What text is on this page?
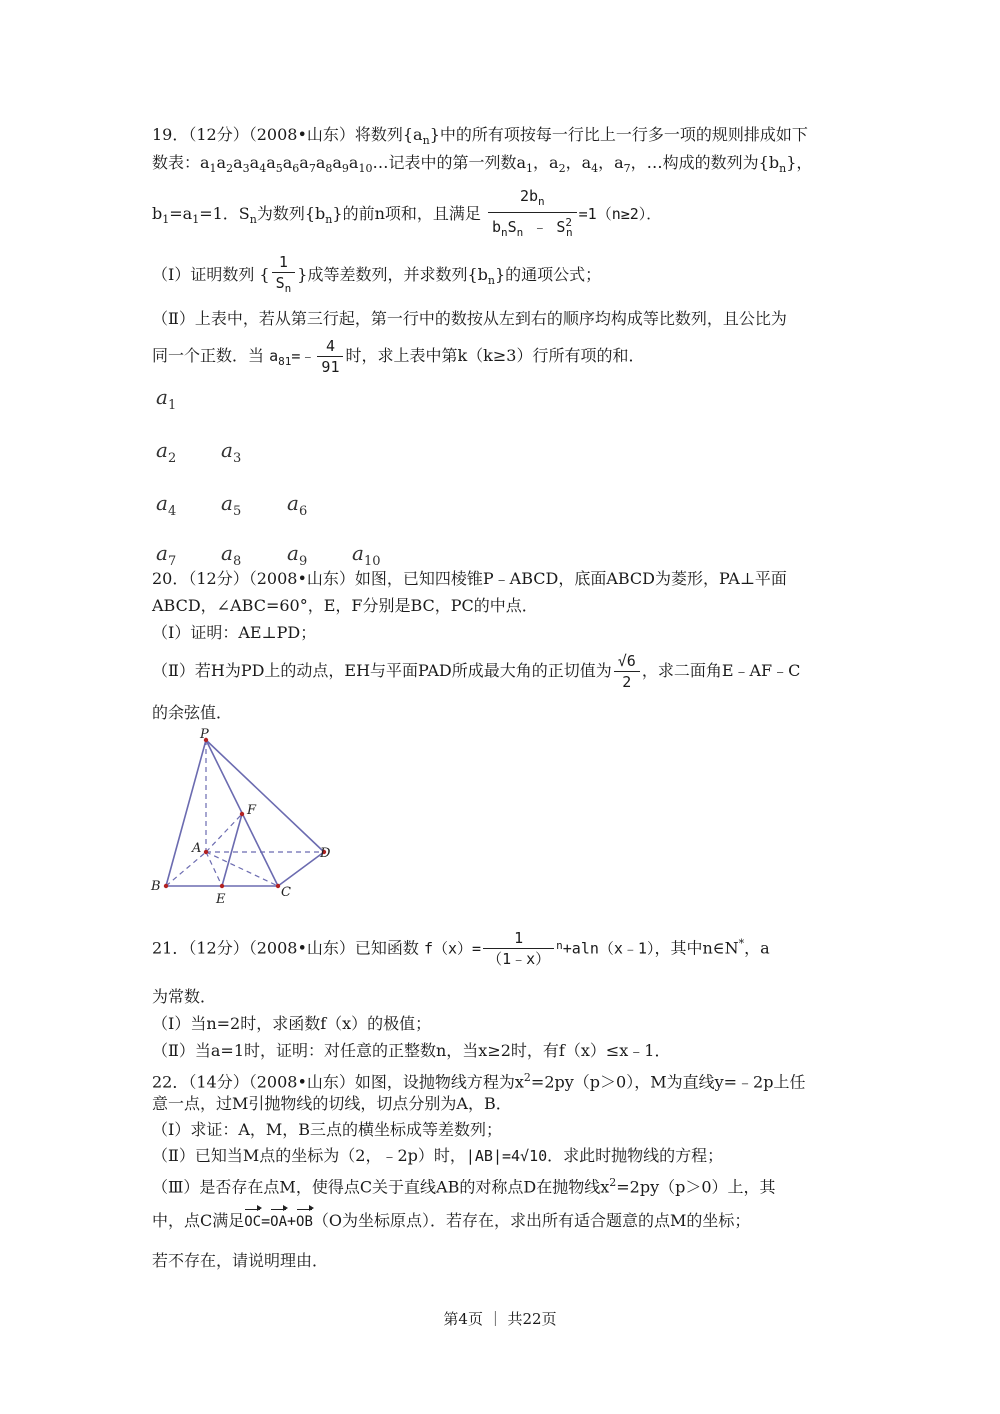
19．（12分）（2008•山东）将数列$\{a_n\}$中的所有项按每一行比上一行多一项的规则排成如下
数表：$a_1a_2a_3a_4a_5a_6a_7a_8a_9a_{10}\dots$记表中的第一列数$a_1$，$a_2$，$a_4$，$a_7$，…构成的数列为$\{b_n\}$，
$b_1=a_1=1$．$S_n$为数列$\{b_n\}$的前n项和，且满足 $\frac{2b_n}{b_nS_n ﹣ S^2_n} =1(n\ge 2)$．
（Ⅰ）证明数列 { $\frac{1}{S_n}$ }成等差数列，并求数列$\{b_n\}$的通项公式；
（Ⅱ）上表中，若从第三行起，第一行中的数按从左到右的顺序均构成等比数列，且公比为
同一个正数．当 $a_{81}=﹣ \frac{4}{91}$ 时，求上表中第k（k≥3）行所有项的和．
$a_1$
$a_2$ $a_3$
$a_4$ $a_5$ $a_6$
$a_7$ $a_8$ $a_9$ $a_{10}$
20．（12分）（2008•山东）如图，已知四棱锥P﹣ABCD，底面ABCD为菱形，PA⊥平面
ABCD，∠ABC=60°，E，F分别是BC，PC的中点．
（Ⅰ）证明：AE⊥PD；
（Ⅱ）若H为PD上的动点，EH与平面PAD所成最大角的正切值为 $\frac{√6}{2}$ ，求二面角E﹣AF﹣C
的余弦值．
P
F
A	D
B
E	C
21．（12分）（2008•山东）已知函数 $f(x)= \frac{1}{(1﹣x)}$ $^n$+aln（x﹣1），其中n∈N*，a
为常数．
（Ⅰ）当n=2时，求函数f（x）的极值；
（Ⅱ）当a=1时，证明：对任意的正整数n，当x≥2时，有f（x）≤x﹣1．
22．（14分）（2008•山东）如图，设抛物线方程为$x^2=2py(p>0)$，M为直线y=﹣2p上任
意一点，过M引抛物线的切线，切点分别为A，B．
（Ⅰ）求证：A，M，B三点的横坐标成等差数列；
（Ⅱ）已知当M点的坐标为（2，﹣2p）时，|AB|=4√10．求此时抛物线的方程；
（Ⅲ）是否存在点M，使得点C关于直线AB的对称点D在抛物线$x^2=2py(p>0)$上，其
中，点C满足OC=OA+OB（O为坐标原点）．若存在，求出所有适合题意的点M的坐标；
若不存在，请说明理由．
第4页 ｜ 共22页
